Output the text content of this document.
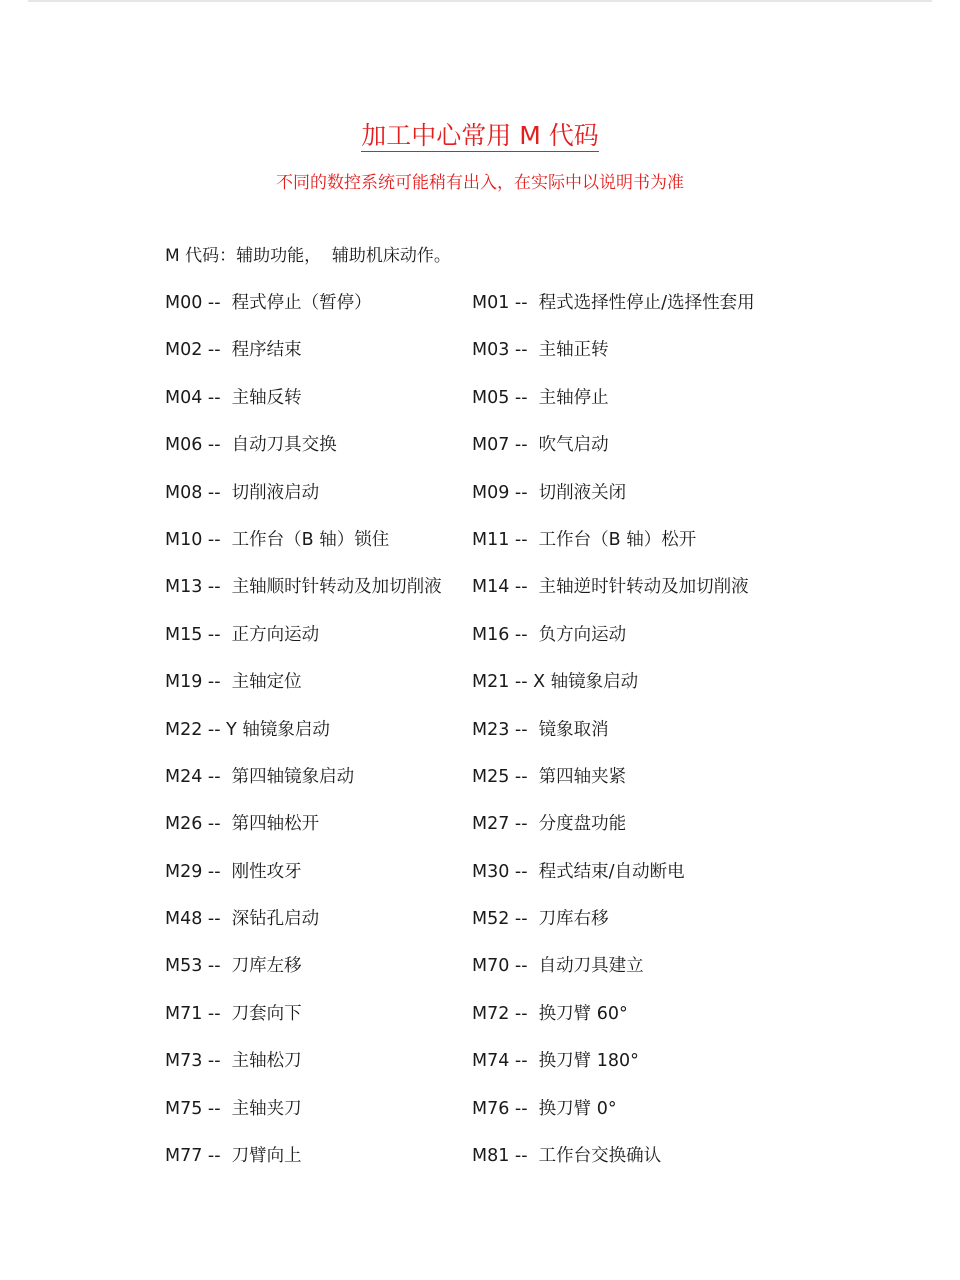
加工中心常用 M 代码
不同的数控系统可能稍有出入，在实际中以说明书为准
M 代码：辅助功能，  辅助机床动作。
M00 --  程式停止（暂停）	M01 --  程式选择性停止/选择性套用
M02 --  程序结束	M03 --  主轴正转
M04 --  主轴反转	M05 --  主轴停止
M06 --  自动刀具交换	M07 --  吹气启动
M08 --  切削液启动	M09 --  切削液关闭
M10 --  工作台（B 轴）锁住	M11 --  工作台（B 轴）松开
M13 --  主轴顺时针转动及加切削液 M14 --  主轴逆时针转动及加切削液
M15 --  正方向运动	M16 --  负方向运动
M19 --  主轴定位	M21 -- X 轴镜象启动
M22 -- Y 轴镜象启动	M23 --  镜象取消
M24 --  第四轴镜象启动	M25 --  第四轴夹紧
M26 --  第四轴松开	M27 --  分度盘功能
M29 --  刚性攻牙	M30 --  程式结束/自动断电
M48 --  深钻孔启动	M52 --  刀库右移
M53 --  刀库左移	M70 --  自动刀具建立
M71 --  刀套向下	M72 --  换刀臂 60°
M73 --  主轴松刀	M74 --  换刀臂 180°
M75 --  主轴夹刀	M76 --  换刀臂 0°
M77 --  刀臂向上	M81 --  工作台交换确认
